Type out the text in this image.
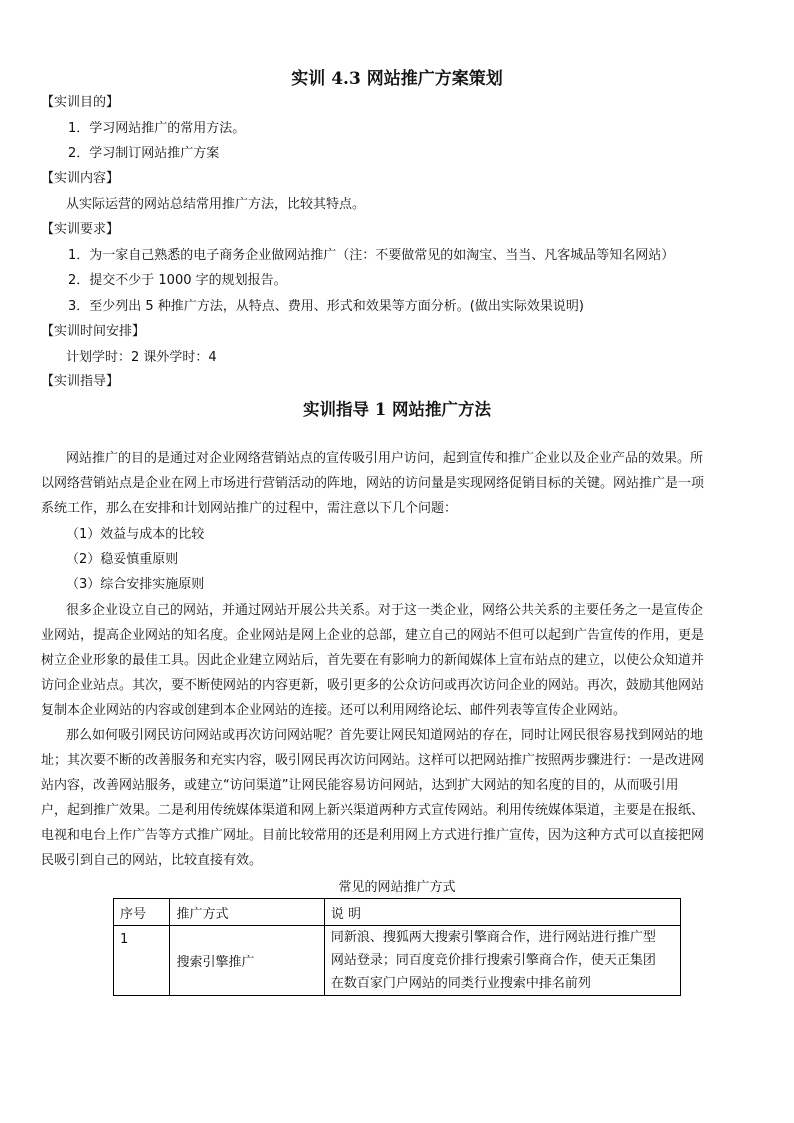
实训 4.3 网站推广方案策划
【实训目的】
1．学习网站推广的常用方法。
2．学习制订网站推广方案
【实训内容】
从实际运营的网站总结常用推广方法，比较其特点。
【实训要求】
1．为一家自己熟悉的电子商务企业做网站推广（注：不要做常见的如淘宝、当当、凡客城品等知名网站）
2．提交不少于 1000 字的规划报告。
3．至少列出 5 种推广方法，从特点、费用、形式和效果等方面分析。(做出实际效果说明)
【实训时间安排】
计划学时：2 课外学时：4
【实训指导】
实训指导 1 网站推广方法
网站推广的目的是通过对企业网络营销站点的宣传吸引用户访问，起到宣传和推广企业以及企业产品的效果。所
以网络营销站点是企业在网上市场进行营销活动的阵地，网站的访问量是实现网络促销目标的关键。网站推广是一项
系统工作，那么在安排和计划网站推广的过程中，需注意以下几个问题：
（1）效益与成本的比较
（2）稳妥慎重原则
（3）综合安排实施原则
很多企业设立自己的网站，并通过网站开展公共关系。对于这一类企业，网络公共关系的主要任务之一是宣传企
业网站，提高企业网站的知名度。企业网站是网上企业的总部，建立自己的网站不但可以起到广告宣传的作用，更是
树立企业形象的最佳工具。因此企业建立网站后，首先要在有影响力的新闻媒体上宣布站点的建立，以使公众知道并
访问企业站点。其次，要不断使网站的内容更新，吸引更多的公众访问或再次访问企业的网站。再次，鼓励其他网站
复制本企业网站的内容或创建到本企业网站的连接。还可以利用网络论坛、邮件列表等宣传企业网站。
那么如何吸引网民访问网站或再次访问网站呢？首先要让网民知道网站的存在，同时让网民很容易找到网站的地
址；其次要不断的改善服务和充实内容，吸引网民再次访问网站。这样可以把网站推广按照两步骤进行：一是改进网
站内容，改善网站服务，或建立“访问渠道”让网民能容易访问网站，达到扩大网站的知名度的目的，从而吸引用
户，起到推广效果。二是利用传统媒体渠道和网上新兴渠道两种方式宣传网站。利用传统媒体渠道，主要是在报纸、
电视和电台上作广告等方式推广网址。目前比较常用的还是利用网上方式进行推广宣传，因为这种方式可以直接把网
民吸引到自己的网站，比较直接有效。
常见的网站推广方式
序号	推广方式	说 明
1	搜索引擎推广	同新浪、搜狐两大搜索引擎商合作，进行网站进行推广型
网站登录；同百度竞价排行搜索引擎商合作，使天正集团
在数百家门户网站的同类行业搜索中排名前列
